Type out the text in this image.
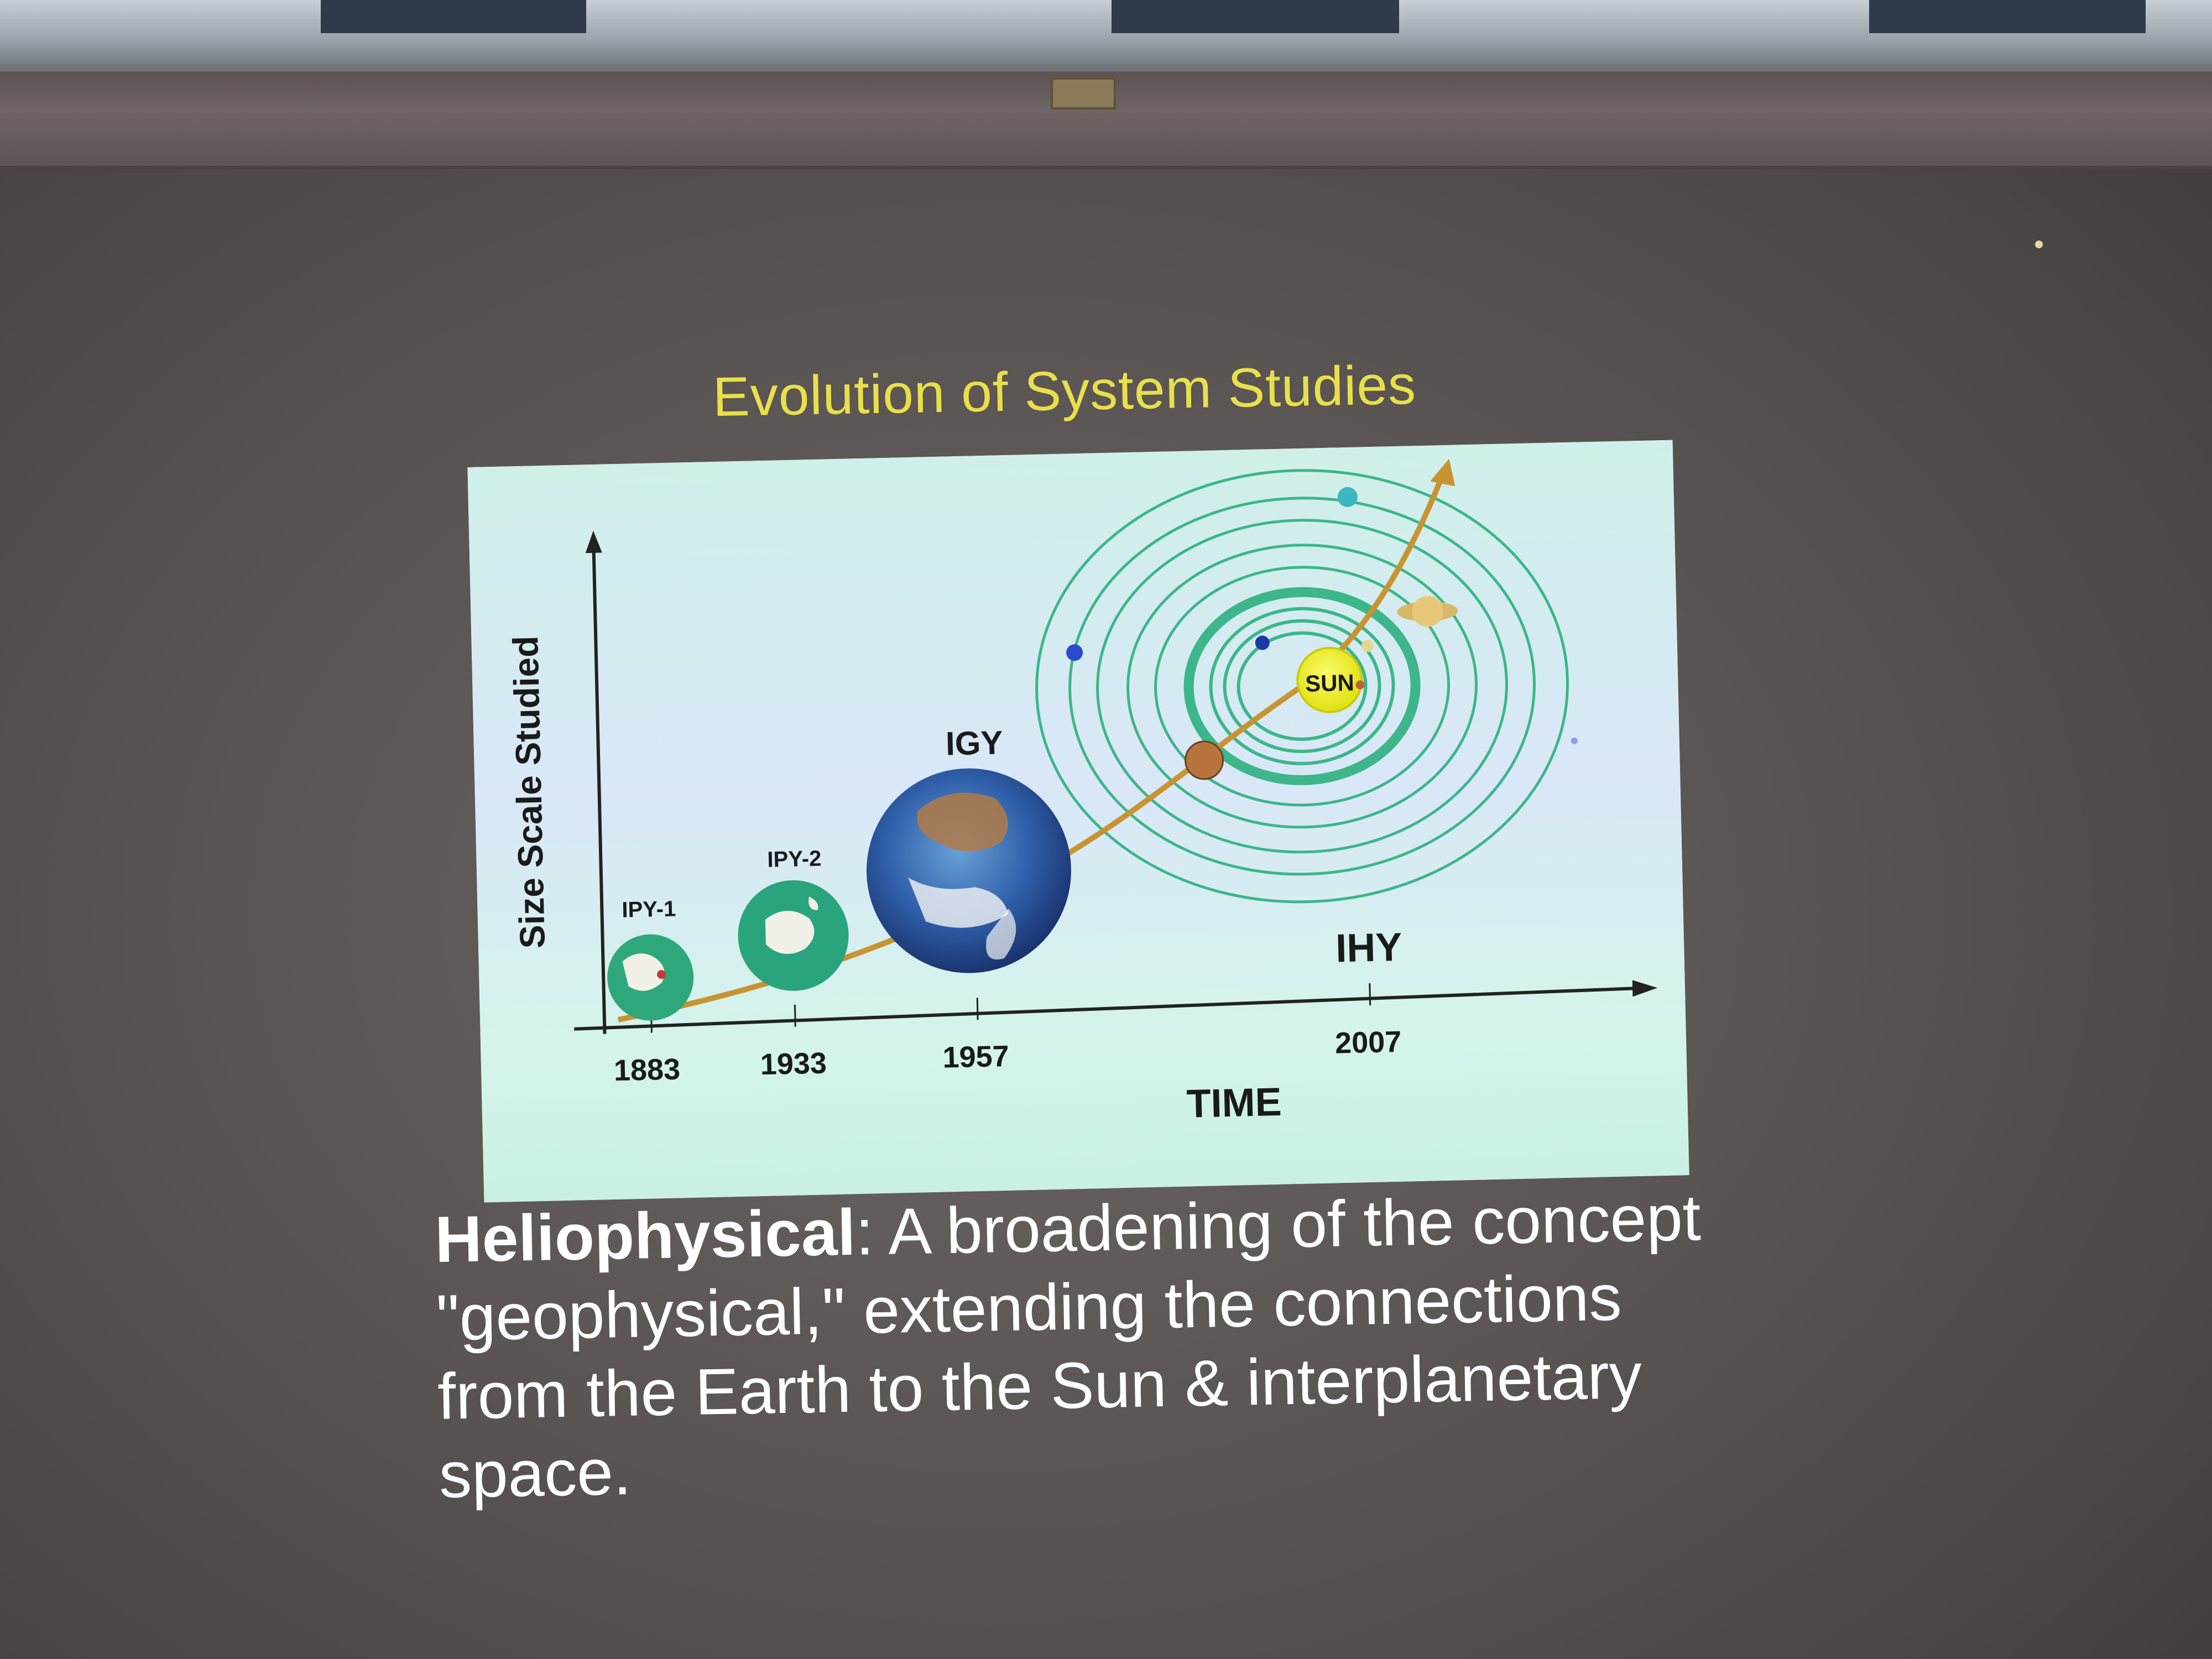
Evolution of System Studies
SUN
IPY-1
IPY-2
IGY
IHY
1883	1933	1957	2007
TIME
Size Scale Studied
Heliophysical: A broadening of the concept "geophysical," extending the connections from the Earth to the Sun & interplanetary space.
